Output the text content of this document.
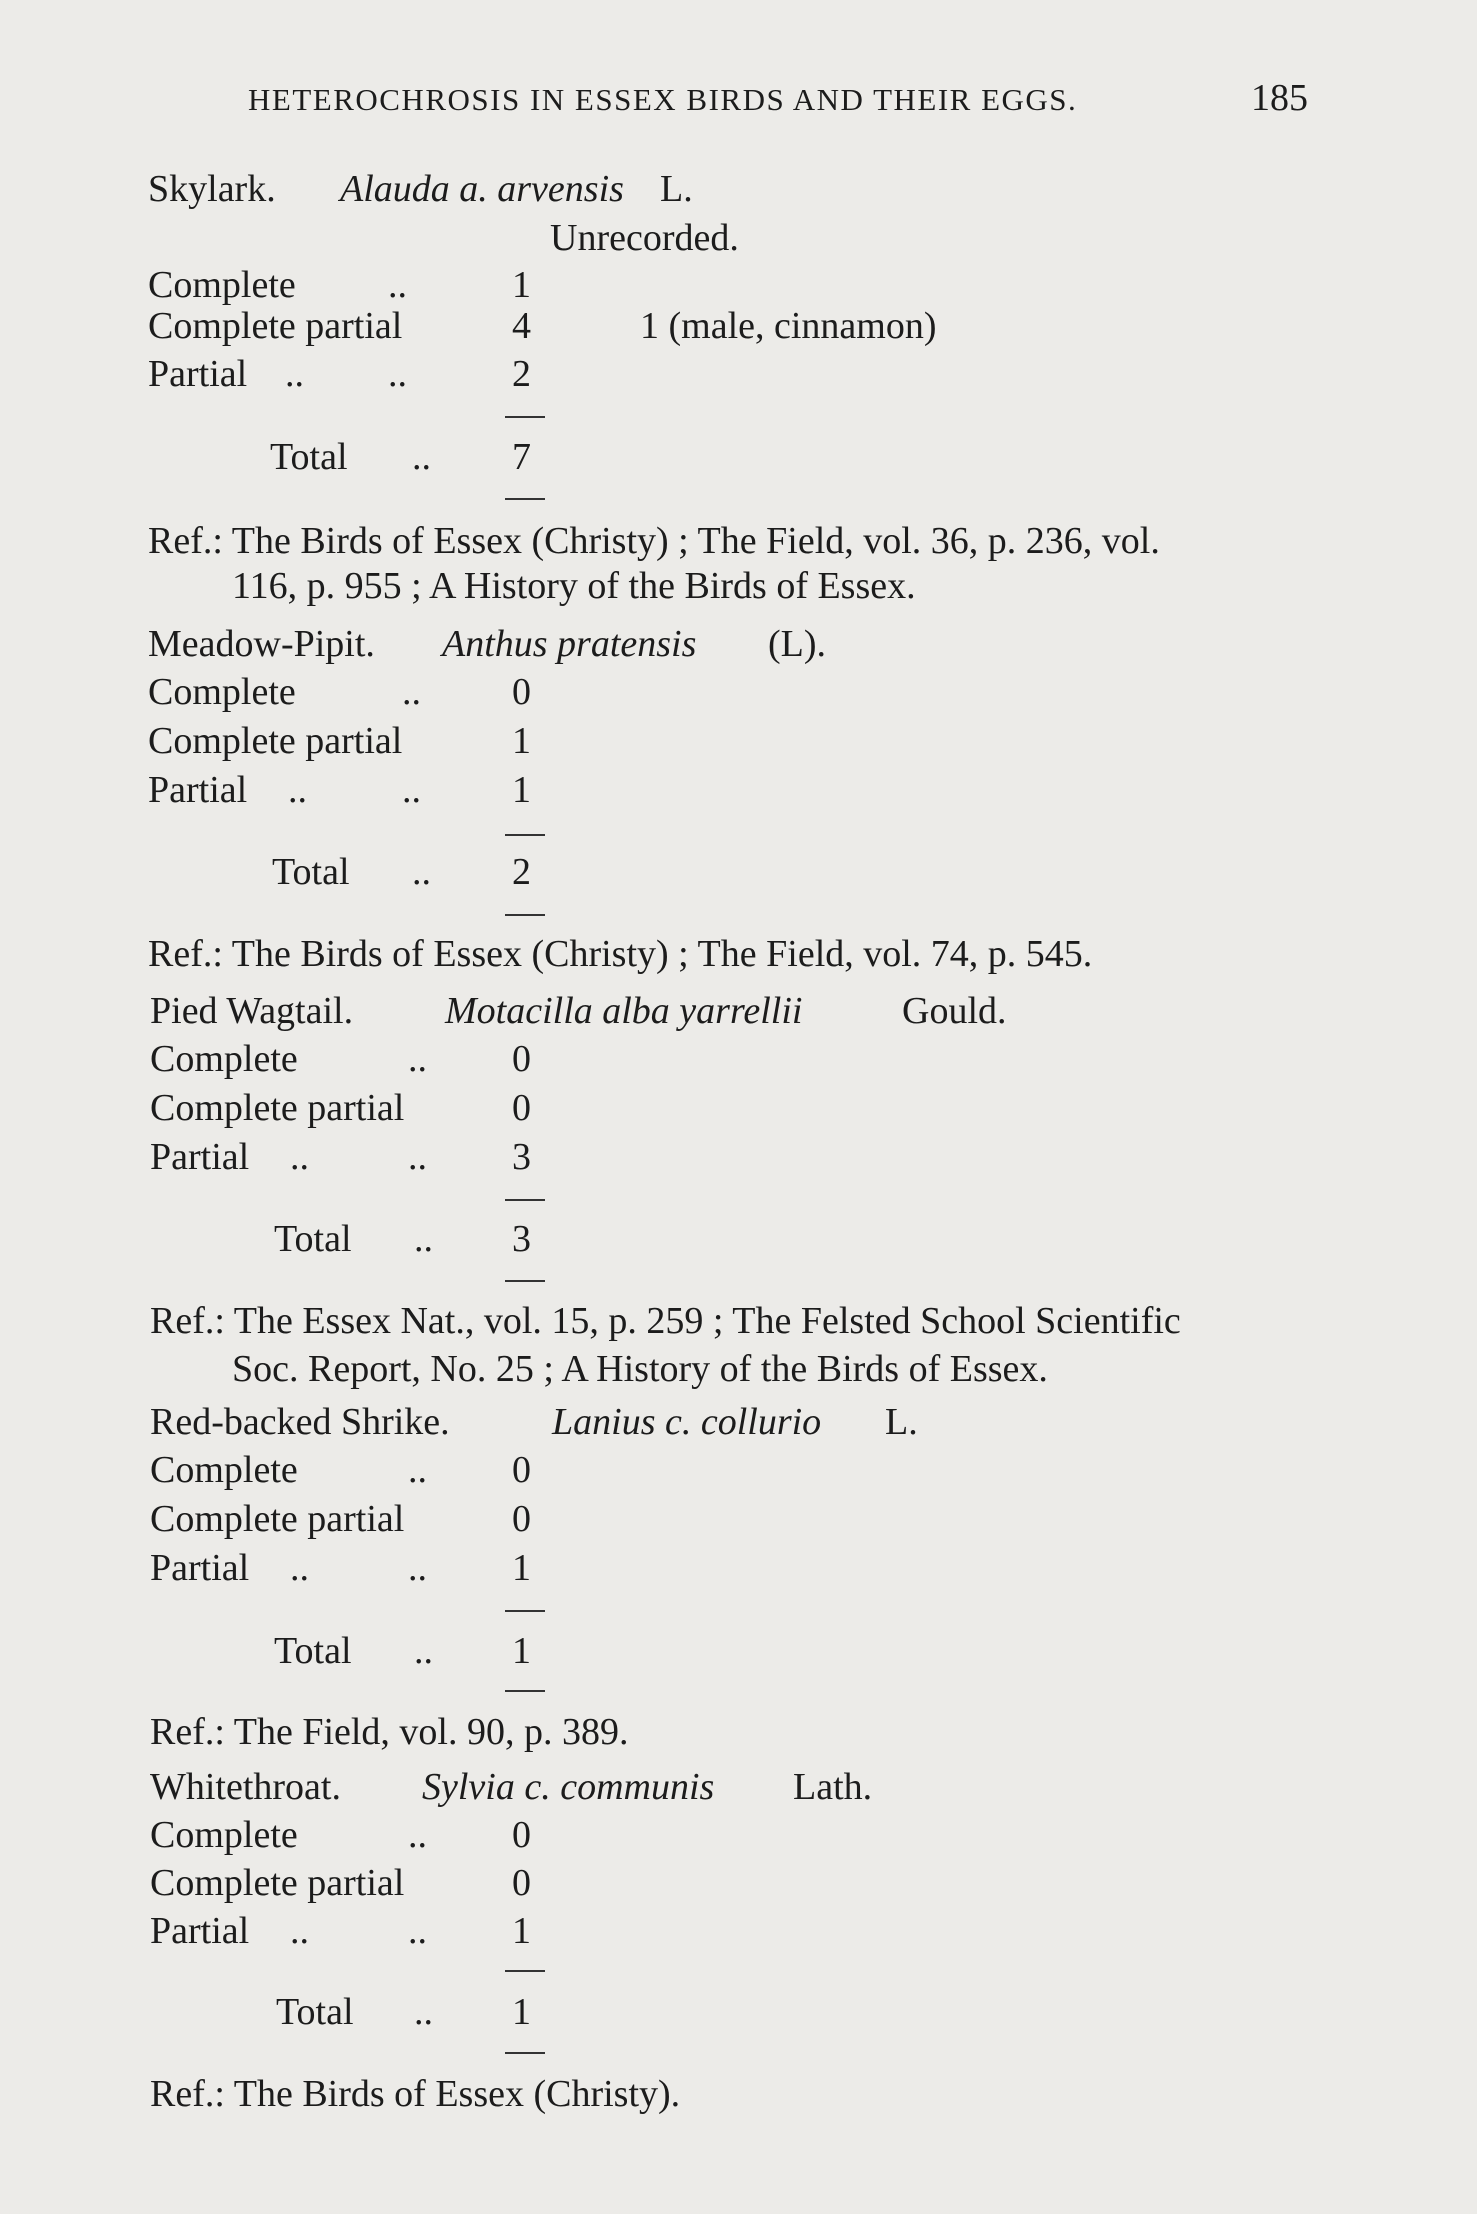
HETEROCHROSIS IN ESSEX BIRDS AND THEIR EGGS.	185
Skylark. Alauda a. arvensis L.
Unrecorded.
Complete ..	1
Complete partial	4	1 (male, cinnamon)
Partial .. ..	2
Total .. 7
Ref.: The Birds of Essex (Christy) ; The Field, vol. 36, p. 236, vol.
116, p. 955 ; A History of the Birds of Essex.
Meadow-Pipit. Anthus pratensis (L).
Complete	.. 0
Complete partial	1
Partial ..	.. 1
Total .. 2
Ref.: The Birds of Essex (Christy) ; The Field, vol. 74, p. 545.
Pied Wagtail. Motacilla alba yarrellii	Gould.
Complete	.. 0
Complete partial	0
Partial ..	.. 3
Total .. 3
Ref.: The Essex Nat., vol. 15, p. 259 ; The Felsted School Scientific
Soc. Report, No. 25 ; A History of the Birds of Essex.
Red-backed Shrike.	Lanius c. collurio L.
Complete	.. 0
Complete partial	0
Partial ..	.. 1
Total .. 1
Ref.: The Field, vol. 90, p. 389.
Whitethroat. Sylvia c. communis Lath.
Complete	.. 0
Complete partial	0
Partial ..	.. 1
Total .. 1
Ref.: The Birds of Essex (Christy).
